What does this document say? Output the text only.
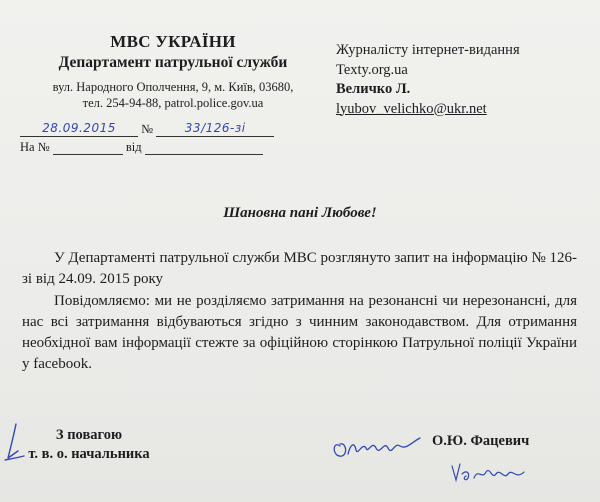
МВС УКРАЇНИ
Департамент патрульної служби
вул. Народного Ополчення, 9, м. Київ, 03680,
тел. 254-94-88, patrol.police.gov.ua
28.09.2015	№	33/126-зі
На №	від
Журналісту інтернет-видання
Texty.org.ua
Величко Л.
lyubov_velichko@ukr.net
Шановна пані Любове!

У Департаменті патрульної служби МВС розглянуто запит на інформацію № 126-зі від 24.09. 2015 року

Повідомляємо: ми не розділяємо затримання на резонансні чи нерезонансні, для нас всі затримання відбуваються згідно з чинним законодавством. Для отримання необхідної вам інформації стежте за офіційною сторінкою Патрульної поліції України у facebook.

З повагою
т. в. о. начальника
О.Ю. Фацевич
